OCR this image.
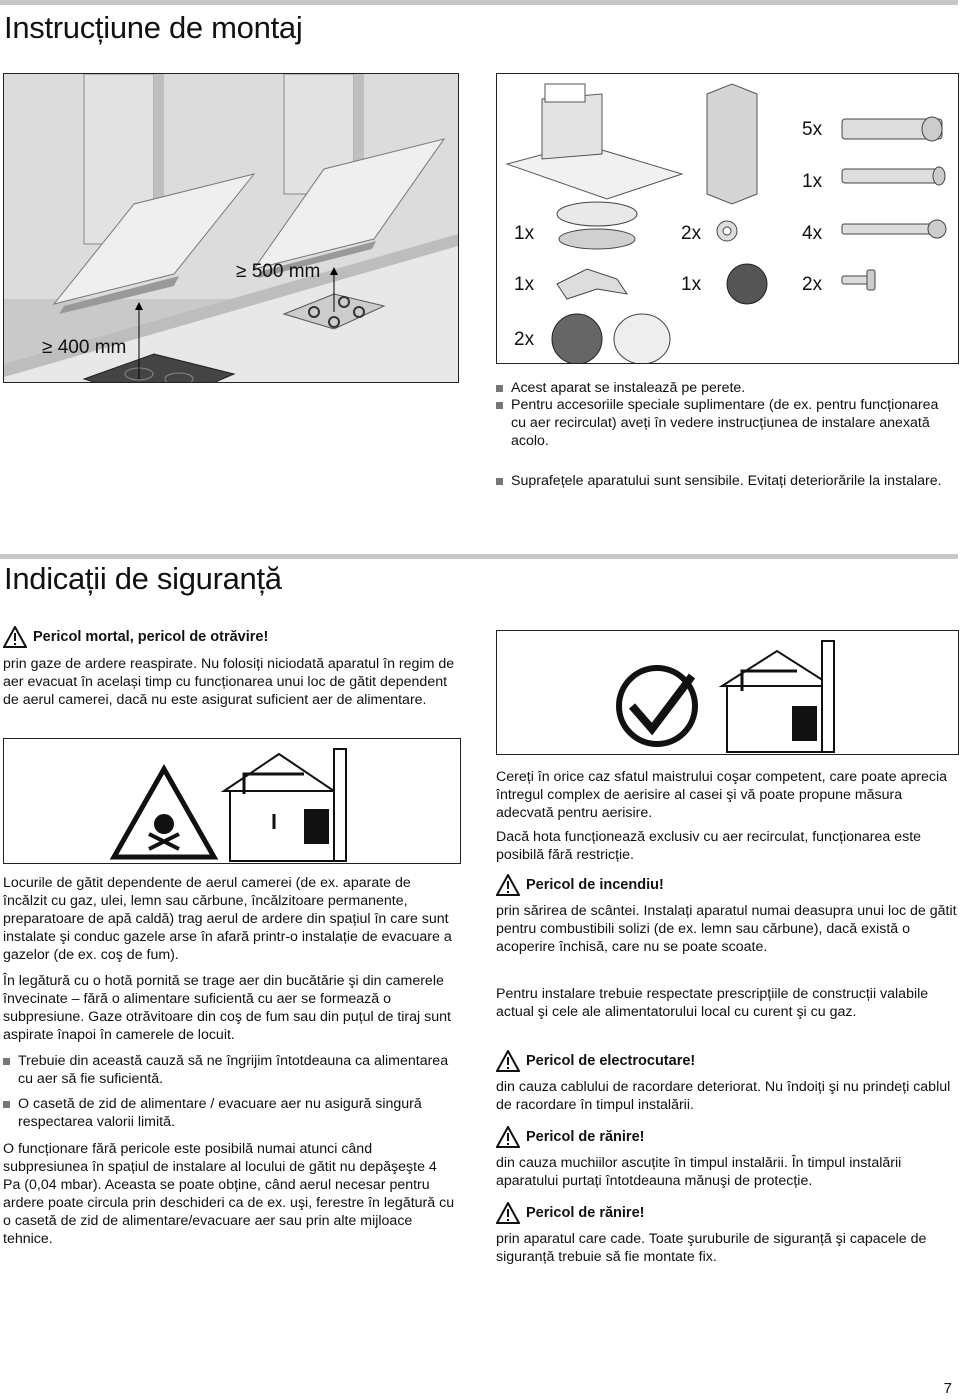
Instrucțiune de montaj
≥ 500 mm
≥ 400 mm
5x
1x
1x	2x	4x
1x	1x	2x
2x
Acest aparat se instalează pe perete.
Pentru accesoriile speciale suplimentare (de ex. pentru funcționarea cu aer recirculat) aveți în vedere instrucțiunea de instalare anexată acolo.
Suprafețele aparatului sunt sensibile. Evitați deteriorările la instalare.
Indicații de siguranță
Pericol mortal, pericol de otrăvire!

prin gaze de ardere reaspirate. Nu folosiți niciodată aparatul în regim de aer evacuat în același timp cu funcționarea unui loc de gătit dependent de aerul camerei, dacă nu este asigurat suficient aer de alimentare.

Locurile de gătit dependente de aerul camerei (de ex. aparate de încălzit cu gaz, ulei, lemn sau cărbune, încălzitoare permanente, preparatoare de apă caldă) trag aerul de ardere din spațiul în care sunt instalate şi conduc gazele arse în afară printr-o instalație de evacuare a gazelor (de ex. coş de fum).

În legătură cu o hotă pornită se trage aer din bucătărie şi din camerele învecinate – fără o alimentare suficientă cu aer se formează o subpresiune. Gaze otrăvitoare din coş de fum sau din puțul de tiraj sunt aspirate înapoi în camerele de locuit.

Trebuie din această cauză să ne îngrijim întotdeauna ca alimentarea cu aer să fie suficientă.
O casetă de zid de alimentare / evacuare aer nu asigură singură respectarea valorii limită.

O funcționare fără pericole este posibilă numai atunci când subpresiunea în spațiul de instalare al locului de gătit nu depăşeşte 4 Pa (0,04 mbar). Aceasta se poate obține, când aerul necesar pentru ardere poate circula prin deschideri ca de ex. uşi, ferestre în legătură cu o casetă de zid de alimentare/evacuare aer sau prin alte mijloace tehnice.

Cereți în orice caz sfatul maistrului coşar competent, care poate aprecia întregul complex de aerisire al casei şi vă poate propune măsura adecvată pentru aerisire.

Dacă hota funcționează exclusiv cu aer recirculat, funcționarea este posibilă fără restricție.

Pericol de incendiu!

prin sărirea de scântei. Instalați aparatul numai deasupra unui loc de gătit pentru combustibili solizi (de ex. lemn sau cărbune), dacă există o acoperire închisă, care nu se poate scoate.

Pentru instalare trebuie respectate prescripțiile de construcții valabile actual şi cele ale alimentatorului local cu curent şi cu gaz.

Pericol de electrocutare!

din cauza cablului de racordare deteriorat. Nu îndoiți şi nu prindeți cablul de racordare în timpul instalării.

Pericol de rănire!

din cauza muchiilor ascuțite în timpul instalării. În timpul instalării aparatului purtați întotdeauna mănuşi de protecție.

Pericol de rănire!

prin aparatul care cade. Toate şuruburile de siguranță şi capacele de siguranță trebuie să fie montate fix.

7
